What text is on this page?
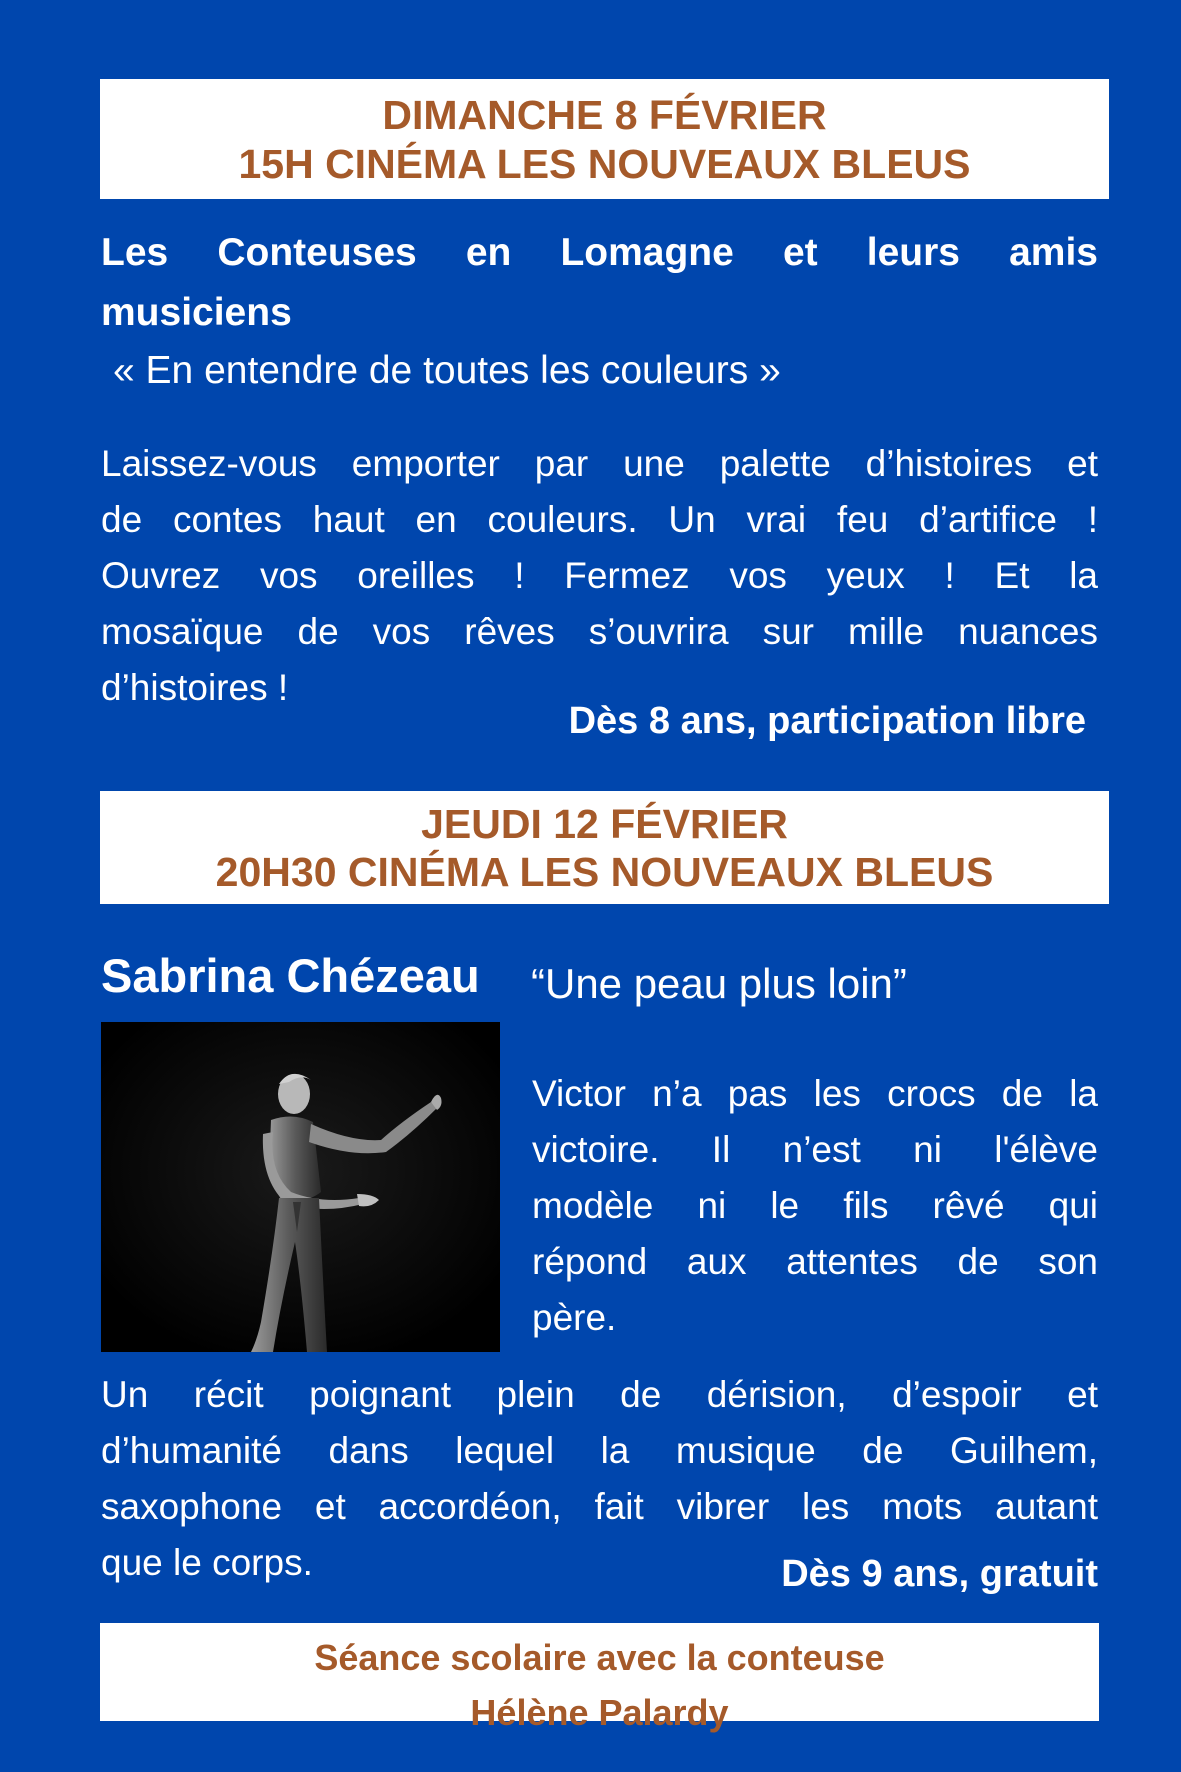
DIMANCHE 8 FÉVRIER
15H CINÉMA LES NOUVEAUX BLEUS
Les Conteuses en Lomagne et leurs amis
musiciens
« En entendre de toutes les couleurs »
Laissez-vous emporter par une palette d’histoires et
de contes haut en couleurs. Un vrai feu d’artifice !
Ouvrez vos oreilles ! Fermez vos yeux ! Et la
mosaïque de vos rêves s’ouvrira sur mille nuances
d’histoires !
Dès 8 ans, participation libre
JEUDI 12 FÉVRIER
20H30 CINÉMA LES NOUVEAUX BLEUS
Sabrina Chézeau “Une peau plus loin”
Victor n’a pas les crocs de la
victoire. Il n’est ni l'élève
modèle ni le fils rêvé qui
répond aux attentes de son
père.
Un récit poignant plein de dérision, d’espoir et
d’humanité dans lequel la musique de Guilhem,
saxophone et accordéon, fait vibrer les mots autant
que le corps.	Dès 9 ans, gratuit
Séance scolaire avec la conteuse
Hélène Palardy
